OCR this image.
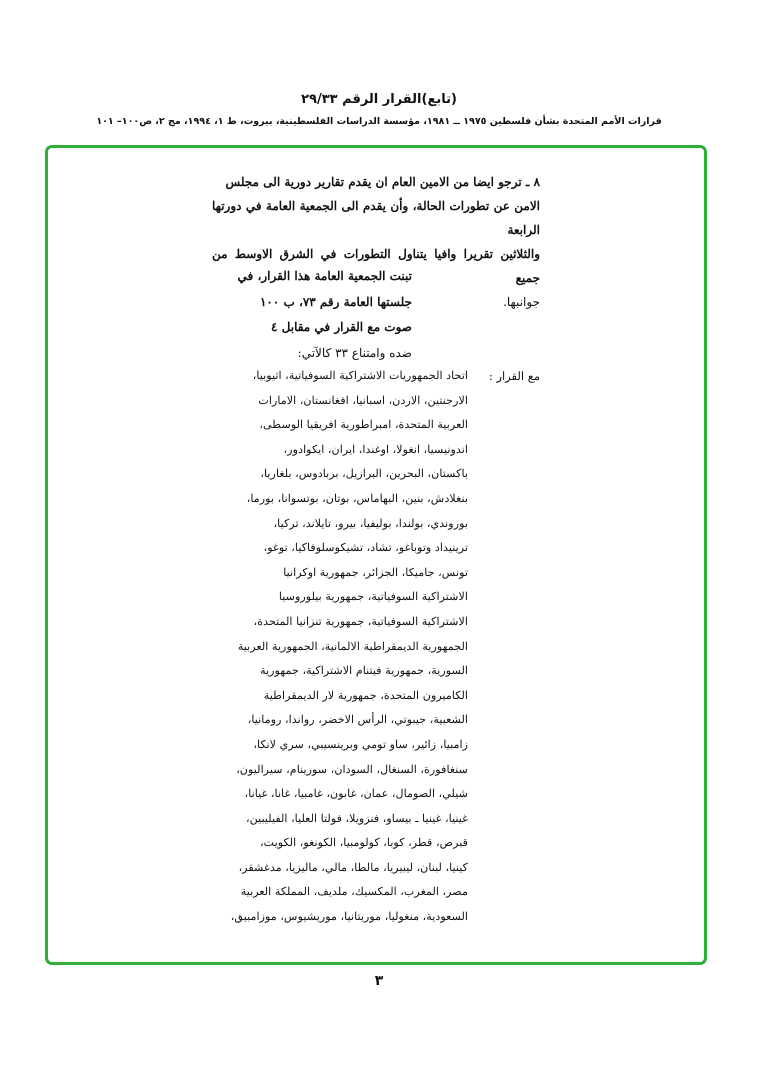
(تابع)القرار الرقم ٢٩/٣٣
قرارات الأمم المتحدة بشأن فلسطين ١٩٧٥ ــ ١٩٨١، مؤسسة الدراسات الفلسطينية، بيروت، ط ١، ١٩٩٤، مج ٢، ص١٠٠– ١٠١
٨ ـ ترجو ايضا من الامين العام ان يقدم تقارير دورية الى مجلس
الامن عن تطورات الحالة، وأن يقدم الى الجمعية العامة في دورتها الرابعة
والثلاثين تقريرا وافيا يتناول التطورات في الشرق الاوسط من جميع
جوانبها.
تبنت الجمعية العامة هذا القرار، في
جلستها العامة رقم ٧٣، ب ١٠٠
صوت مع القرار في مقابل ٤
ضده وامتناع ٣٣ كالآتي:
مع القرار :
اتحاد الجمهوريات الاشتراكية السوفياتية، اثيوبيا،
الارجنتين، الاردن، اسبانيا، افغانستان، الامارات
العربية المتحدة، امبراطورية افريقيا الوسطى،
اندونيسيا، انغولا، اوغندا، ايران، ايكوادور،
باكستان، البحرين، البرازيل، بربادوس، بلغاريا،
بنغلادش، بنين، البهاماس، بوتان، بوتسوانا، بورما،
بوروندي، بولندا، بوليفيا، بيرو، تايلاند، تركيا،
ترينيداد وتوباغو، تشاد، تشيكوسلوفاكيا، توغو،
تونس، جاميكا، الجزائر، جمهورية اوكرانيا
الاشتراكية السوفياتية، جمهورية بيلوروسيا
الاشتراكية السوفياتية، جمهورية تنزانيا المتحدة،
الجمهورية الديمقراطية الالمانية، الجمهورية العربية
السورية، جمهورية فيتنام الاشتراكية، جمهورية
الكاميرون المتحدة، جمهورية لار الديمقراطية
الشعبية، جيبوتي، الرأس الاخضر، رواندا، رومانيا،
زامبيا، زائير، ساو تومي وبرينسيبي، سري لانكا،
سنغافورة، السنغال، السودان، سورينام، سيراليون،
شيلي، الصومال، عمان، غابون، غامبيا، غانا، غيانا،
غينيا، غينيا ـ بيساو، فنزويلا، فولتا العليا، الفيليبين،
قبرص، قطر، كوبا، كولومبيا، الكونغو، الكويت،
كينيا، لبنان، ليبيريا، مالطا، مالي، ماليزيا، مدغشقر،
مصر، المغرب، المكسيك، ملديف، المملكة العربية
السعودية، منغوليا، موريتانيا، موريشيوس، موزامبيق،
٣
